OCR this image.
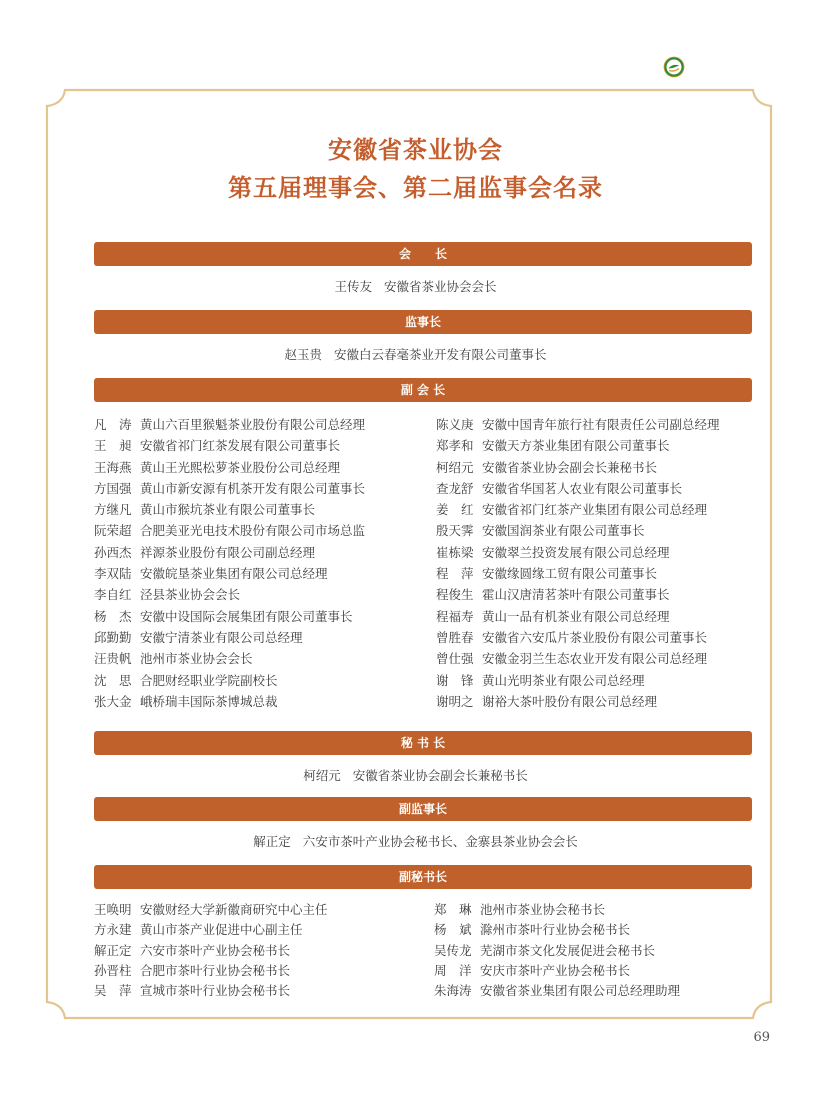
安徽省茶业协会
第五届理事会、第二届监事会名录
会　　长
王传友 安徽省茶业协会会长
监事长
赵玉贵 安徽白云春毫茶业开发有限公司董事长
副 会 长
凡　涛 黄山六百里猴魁茶业股份有限公司总经理
王　昶 安徽省祁门红茶发展有限公司董事长
王海燕 黄山王光熙松萝茶业股份公司总经理
方国强 黄山市新安源有机茶开发有限公司董事长
方继凡 黄山市猴坑茶业有限公司董事长
阮荣超 合肥美亚光电技术股份有限公司市场总监
孙西杰 祥源茶业股份有限公司副总经理
李双陆 安徽皖垦茶业集团有限公司总经理
李自红 泾县茶业协会会长
杨　杰 安徽中设国际会展集团有限公司董事长
邱勤勤 安徽宁清茶业有限公司总经理
汪贵帆 池州市茶业协会会长
沈　思 合肥财经职业学院副校长
张大金 峨桥瑞丰国际茶博城总裁
陈义庚 安徽中国青年旅行社有限责任公司副总经理
郑孝和 安徽天方茶业集团有限公司董事长
柯绍元 安徽省茶业协会副会长兼秘书长
查龙舒 安徽省华国茗人农业有限公司董事长
姜　红 安徽省祁门红茶产业集团有限公司总经理
殷天霁 安徽国润茶业有限公司董事长
崔栋梁 安徽翠兰投资发展有限公司总经理
程　萍 安徽缘圆缘工贸有限公司董事长
程俊生 霍山汉唐清茗茶叶有限公司董事长
程福寿 黄山一品有机茶业有限公司总经理
曾胜春 安徽省六安瓜片茶业股份有限公司董事长
曾仕强 安徽金羽兰生态农业开发有限公司总经理
谢　锋 黄山光明茶业有限公司总经理
谢明之 谢裕大茶叶股份有限公司总经理
秘 书 长
柯绍元 安徽省茶业协会副会长兼秘书长
副监事长
解正定 六安市茶叶产业协会秘书长、金寨县茶业协会会长
副秘书长
王唤明 安徽财经大学新徽商研究中心主任
方永建 黄山市茶产业促进中心副主任
解正定 六安市茶叶产业协会秘书长
孙晋柱 合肥市茶叶行业协会秘书长
吴　萍 宣城市茶叶行业协会秘书长
郑　琳 池州市茶业协会秘书长
杨　斌 滁州市茶叶行业协会秘书长
吴传龙 芜湖市茶文化发展促进会秘书长
周　洋 安庆市茶叶产业协会秘书长
朱海涛 安徽省茶业集团有限公司总经理助理
69
